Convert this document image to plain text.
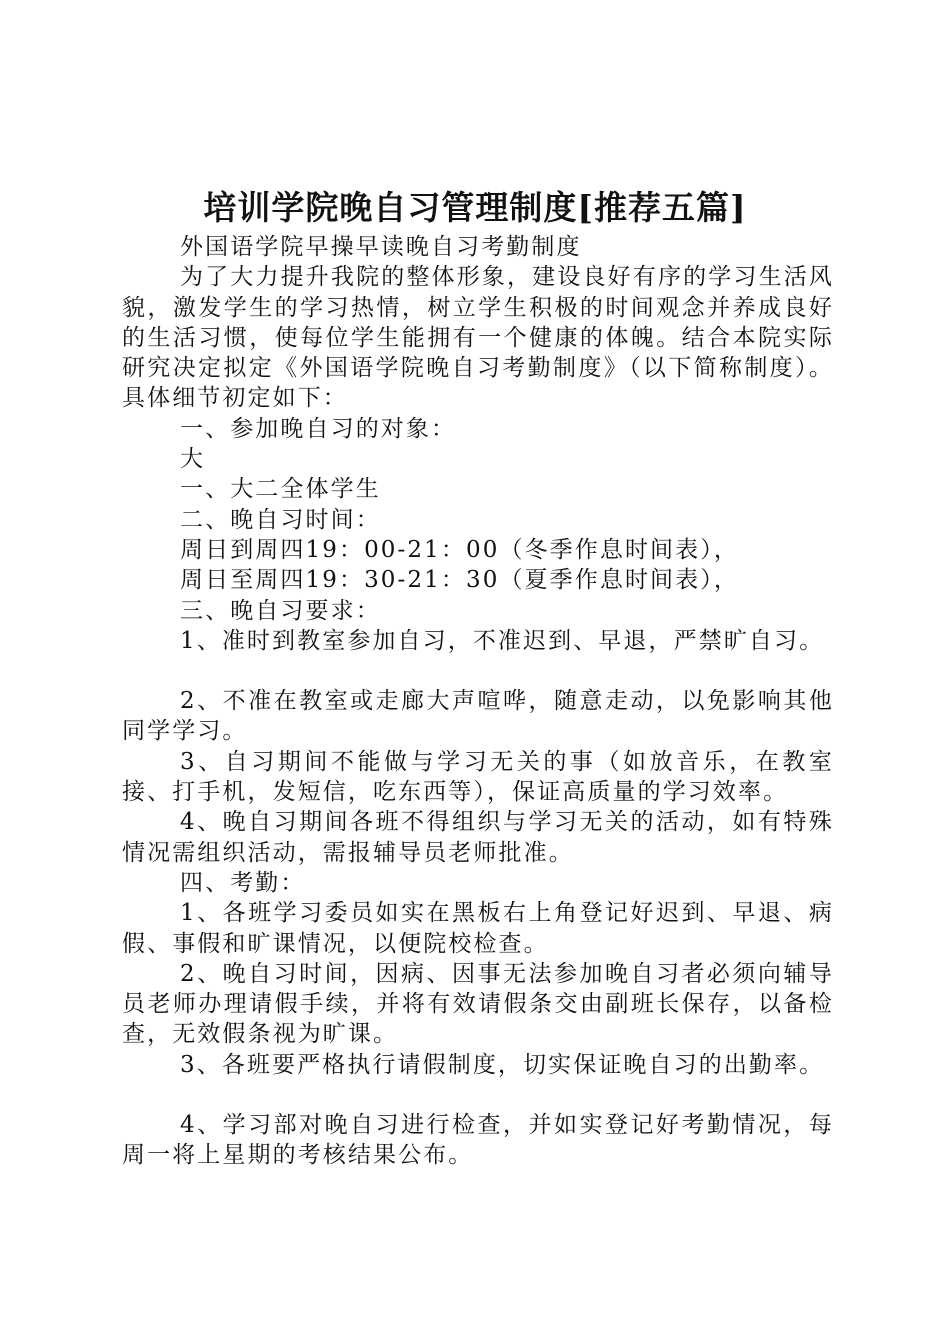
培训学院晚自习管理制度[推荐五篇]

外国语学院早操早读晚自习考勤制度

为了大力提升我院的整体形象，建设良好有序的学习生活风貌，激发学生的学习热情，树立学生积极的时间观念并养成良好的生活习惯，使每位学生能拥有一个健康的体魄。结合本院实际研究决定拟定《外国语学院晚自习考勤制度》（以下简称制度）。具体细节初定如下：

一、参加晚自习的对象：

大

一、大二全体学生

二、晚自习时间：

周日到周四19：00-21：00（冬季作息时间表），

周日至周四19：30-21：30（夏季作息时间表），

三、晚自习要求：

1、准时到教室参加自习，不准迟到、早退，严禁旷自习。

2、不准在教室或走廊大声喧哗，随意走动，以免影响其他同学学习。

3、自习期间不能做与学习无关的事（如放音乐，在教室接、打手机，发短信，吃东西等），保证高质量的学习效率。

4、晚自习期间各班不得组织与学习无关的活动，如有特殊情况需组织活动，需报辅导员老师批准。

四、考勤：

1、各班学习委员如实在黑板右上角登记好迟到、早退、病假、事假和旷课情况，以便院校检查。

2、晚自习时间，因病、因事无法参加晚自习者必须向辅导员老师办理请假手续，并将有效请假条交由副班长保存，以备检查，无效假条视为旷课。

3、各班要严格执行请假制度，切实保证晚自习的出勤率。

4、学习部对晚自习进行检查，并如实登记好考勤情况，每周一将上星期的考核结果公布。
